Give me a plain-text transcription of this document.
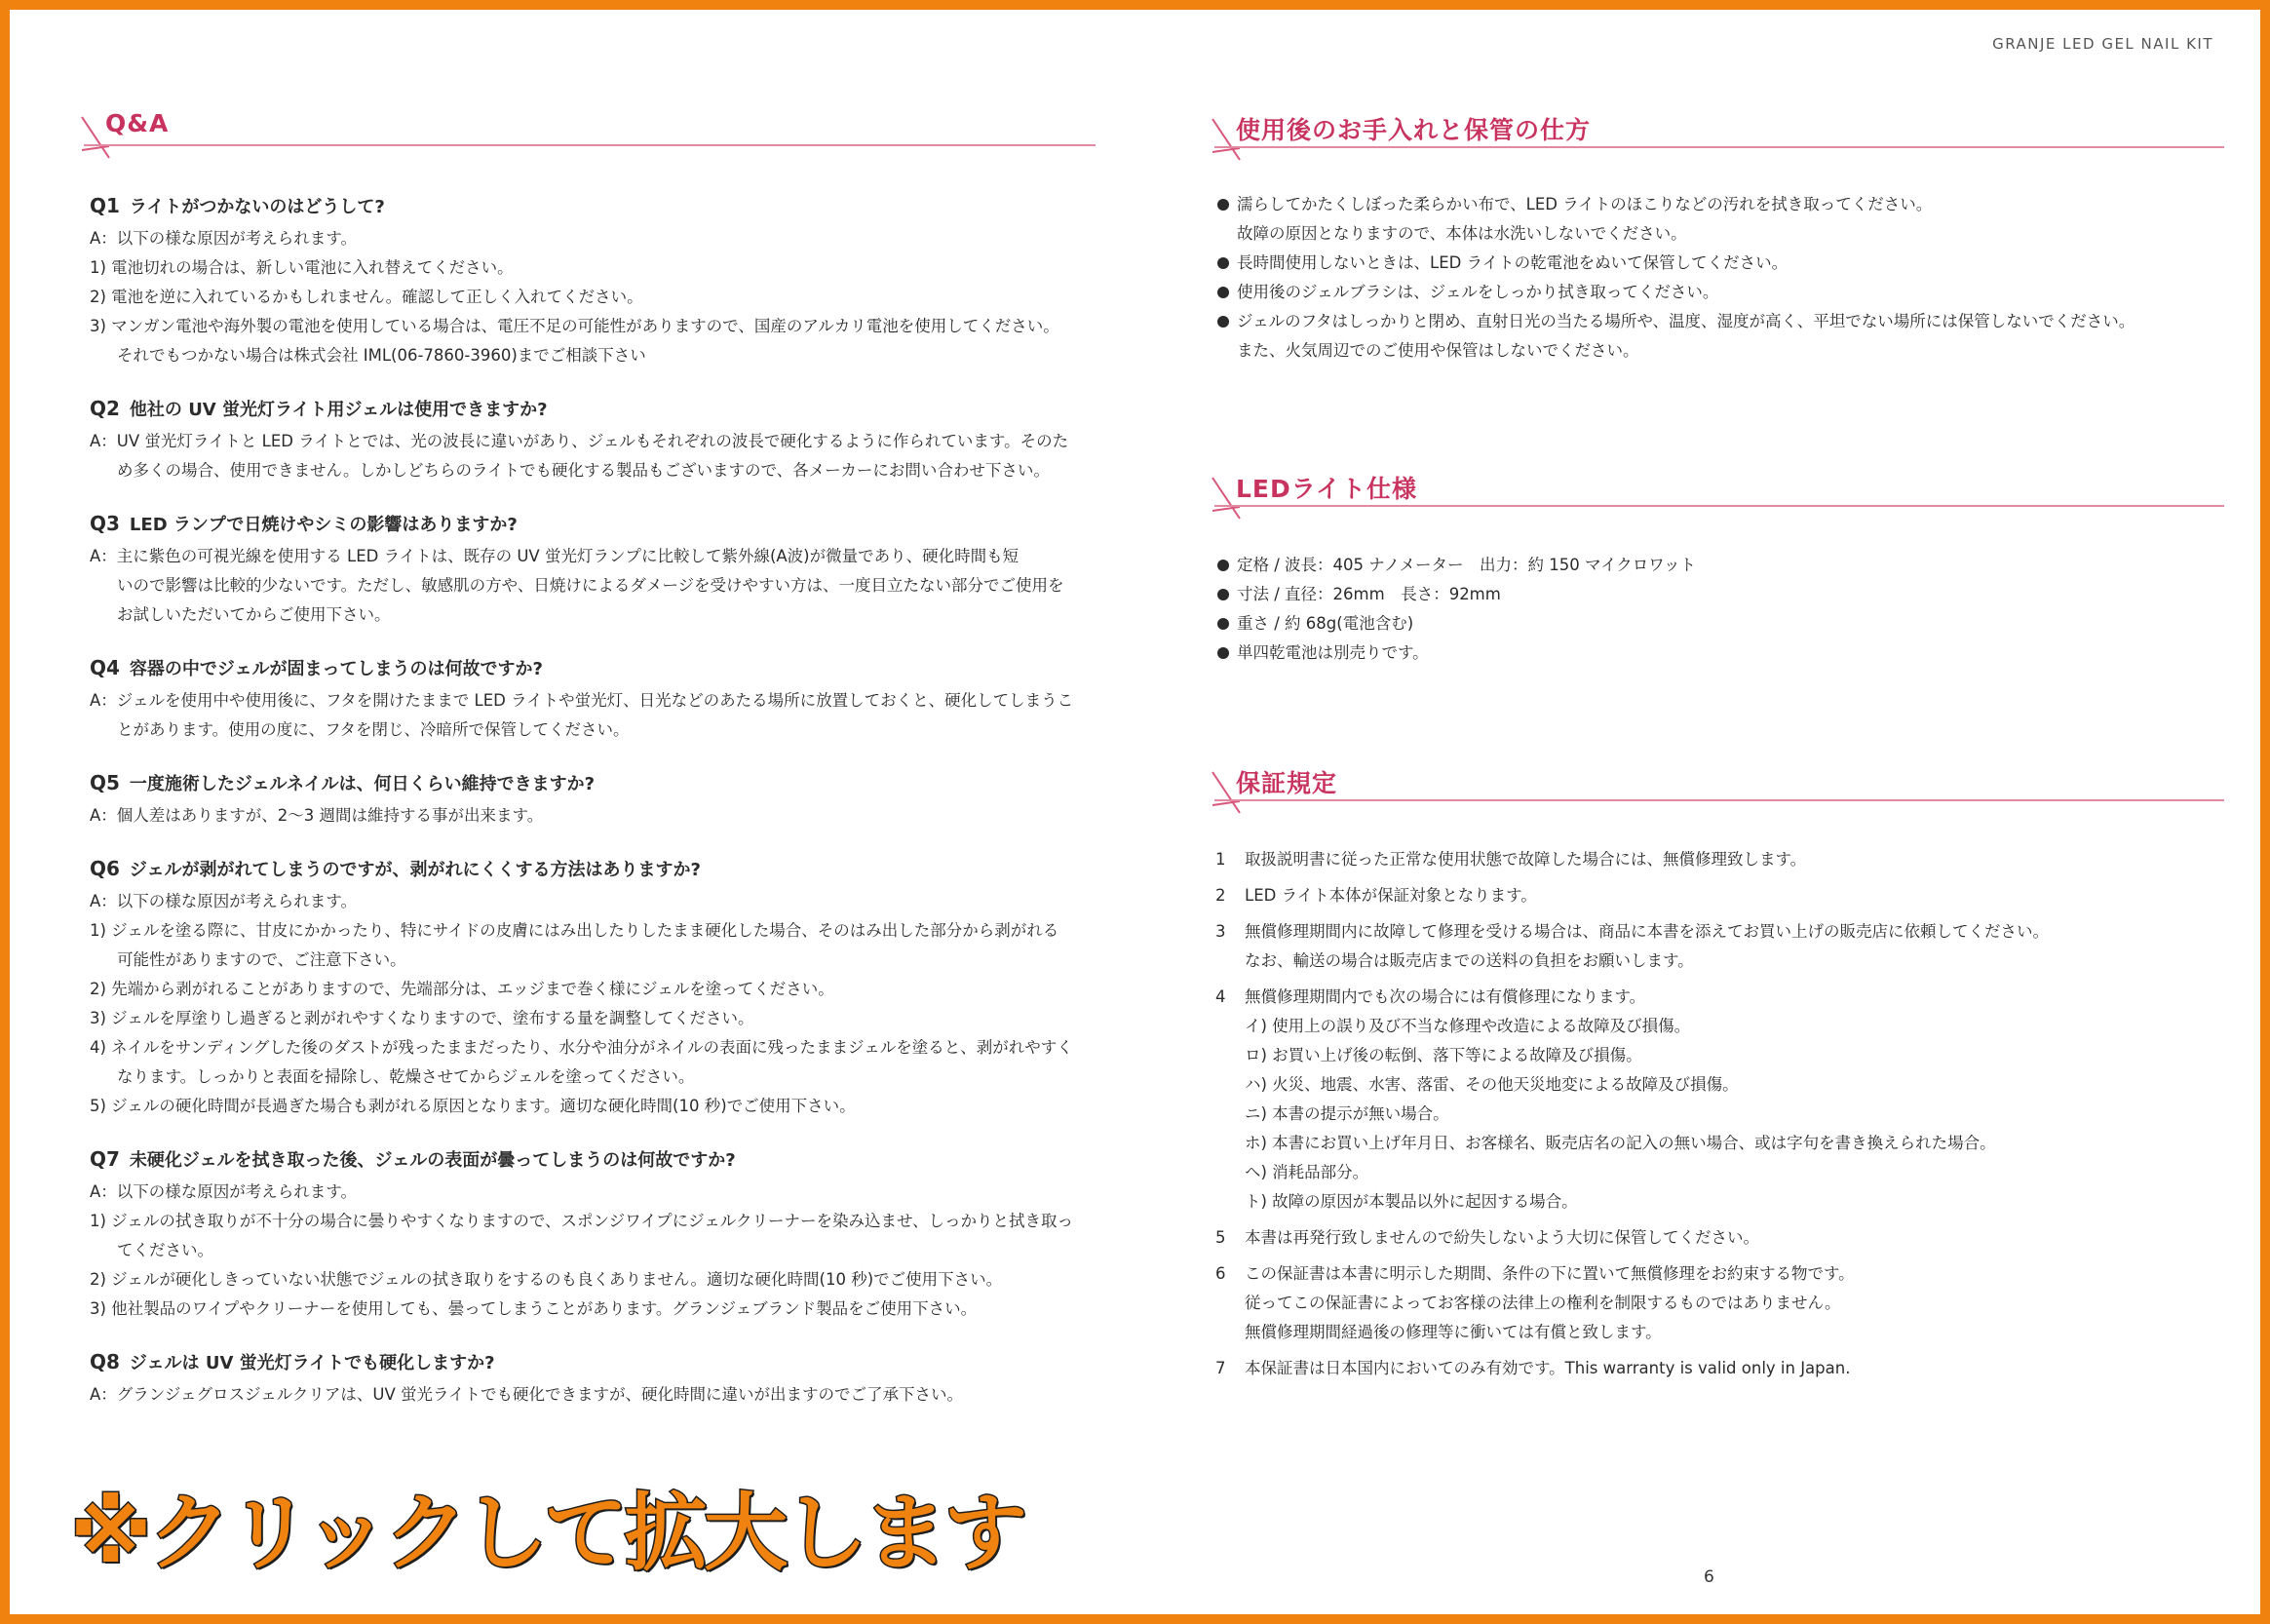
GRANJE LED GEL NAIL KIT
Q&A
Q1 ライトがつかないのはどうして?
A：以下の様な原因が考えられます。
1) 電池切れの場合は、新しい電池に入れ替えてください。
2) 電池を逆に入れているかもしれません。確認して正しく入れてください。
3) マンガン電池や海外製の電池を使用している場合は、電圧不足の可能性がありますので、国産のアルカリ電池を使用してください。
それでもつかない場合は株式会社 IML(06-7860-3960)までご相談下さい
Q2 他社の UV 蛍光灯ライト用ジェルは使用できますか?
A：UV 蛍光灯ライトと LED ライトとでは、光の波長に違いがあり、ジェルもそれぞれの波長で硬化するように作られています。そのた
め多くの場合、使用できません。しかしどちらのライトでも硬化する製品もございますので、各メーカーにお問い合わせ下さい。
Q3 LED ランプで日焼けやシミの影響はありますか?
A：主に紫色の可視光線を使用する LED ライトは、既存の UV 蛍光灯ランプに比較して紫外線(A波)が微量であり、硬化時間も短
いので影響は比較的少ないです。ただし、敏感肌の方や、日焼けによるダメージを受けやすい方は、一度目立たない部分でご使用を
お試しいただいてからご使用下さい。
Q4 容器の中でジェルが固まってしまうのは何故ですか?
A：ジェルを使用中や使用後に、フタを開けたままで LED ライトや蛍光灯、日光などのあたる場所に放置しておくと、硬化してしまうこ
とがあります。使用の度に、フタを閉じ、冷暗所で保管してください。
Q5 一度施術したジェルネイルは、何日くらい維持できますか?
A：個人差はありますが、2〜3 週間は維持する事が出来ます。
Q6 ジェルが剥がれてしまうのですが、剥がれにくくする方法はありますか?
A：以下の様な原因が考えられます。
1) ジェルを塗る際に、甘皮にかかったり、特にサイドの皮膚にはみ出したりしたまま硬化した場合、そのはみ出した部分から剥がれる
可能性がありますので、ご注意下さい。
2) 先端から剥がれることがありますので、先端部分は、エッジまで巻く様にジェルを塗ってください。
3) ジェルを厚塗りし過ぎると剥がれやすくなりますので、塗布する量を調整してください。
4) ネイルをサンディングした後のダストが残ったままだったり、水分や油分がネイルの表面に残ったままジェルを塗ると、剥がれやすく
なります。しっかりと表面を掃除し、乾燥させてからジェルを塗ってください。
5) ジェルの硬化時間が長過ぎた場合も剥がれる原因となります。適切な硬化時間(10 秒)でご使用下さい。
Q7 未硬化ジェルを拭き取った後、ジェルの表面が曇ってしまうのは何故ですか?
A：以下の様な原因が考えられます。
1) ジェルの拭き取りが不十分の場合に曇りやすくなりますので、スポンジワイプにジェルクリーナーを染み込ませ、しっかりと拭き取っ
てください。
2) ジェルが硬化しきっていない状態でジェルの拭き取りをするのも良くありません。適切な硬化時間(10 秒)でご使用下さい。
3) 他社製品のワイプやクリーナーを使用しても、曇ってしまうことがあります。グランジェブランド製品をご使用下さい。
Q8 ジェルは UV 蛍光灯ライトでも硬化しますか?
A：グランジェグロスジェルクリアは、UV 蛍光ライトでも硬化できますが、硬化時間に違いが出ますのでご了承下さい。
使用後のお手入れと保管の仕方
濡らしてかたくしぼった柔らかい布で、LED ライトのほこりなどの汚れを拭き取ってください。
故障の原因となりますので、本体は水洗いしないでください。
長時間使用しないときは、LED ライトの乾電池をぬいて保管してください。
使用後のジェルブラシは、ジェルをしっかり拭き取ってください。
ジェルのフタはしっかりと閉め、直射日光の当たる場所や、温度、湿度が高く、平坦でない場所には保管しないでください。
また、火気周辺でのご使用や保管はしないでください。
LEDライト仕様
定格 / 波長：405 ナノメーター　出力：約 150 マイクロワット
寸法 / 直径：26mm　長さ：92mm
重さ / 約 68g(電池含む)
単四乾電池は別売りです。
保証規定
1 取扱説明書に従った正常な使用状態で故障した場合には、無償修理致します。
2 LED ライト本体が保証対象となります。
3 無償修理期間内に故障して修理を受ける場合は、商品に本書を添えてお買い上げの販売店に依頼してください。
なお、輸送の場合は販売店までの送料の負担をお願いします。
4 無償修理期間内でも次の場合には有償修理になります。
イ) 使用上の誤り及び不当な修理や改造による故障及び損傷。
ロ) お買い上げ後の転倒、落下等による故障及び損傷。
ハ) 火災、地震、水害、落雷、その他天災地変による故障及び損傷。
ニ) 本書の提示が無い場合。
ホ) 本書にお買い上げ年月日、お客様名、販売店名の記入の無い場合、或は字句を書き換えられた場合。
ヘ) 消耗品部分。
ト) 故障の原因が本製品以外に起因する場合。
5 本書は再発行致しませんので紛失しないよう大切に保管してください。
6 この保証書は本書に明示した期間、条件の下に置いて無償修理をお約束する物です。
従ってこの保証書によってお客様の法律上の権利を制限するものではありません。
無償修理期間経過後の修理等に衝いては有償と致します。
7 本保証書は日本国内においてのみ有効です。This warranty is valid only in Japan.
6
※クリックして拡大します
